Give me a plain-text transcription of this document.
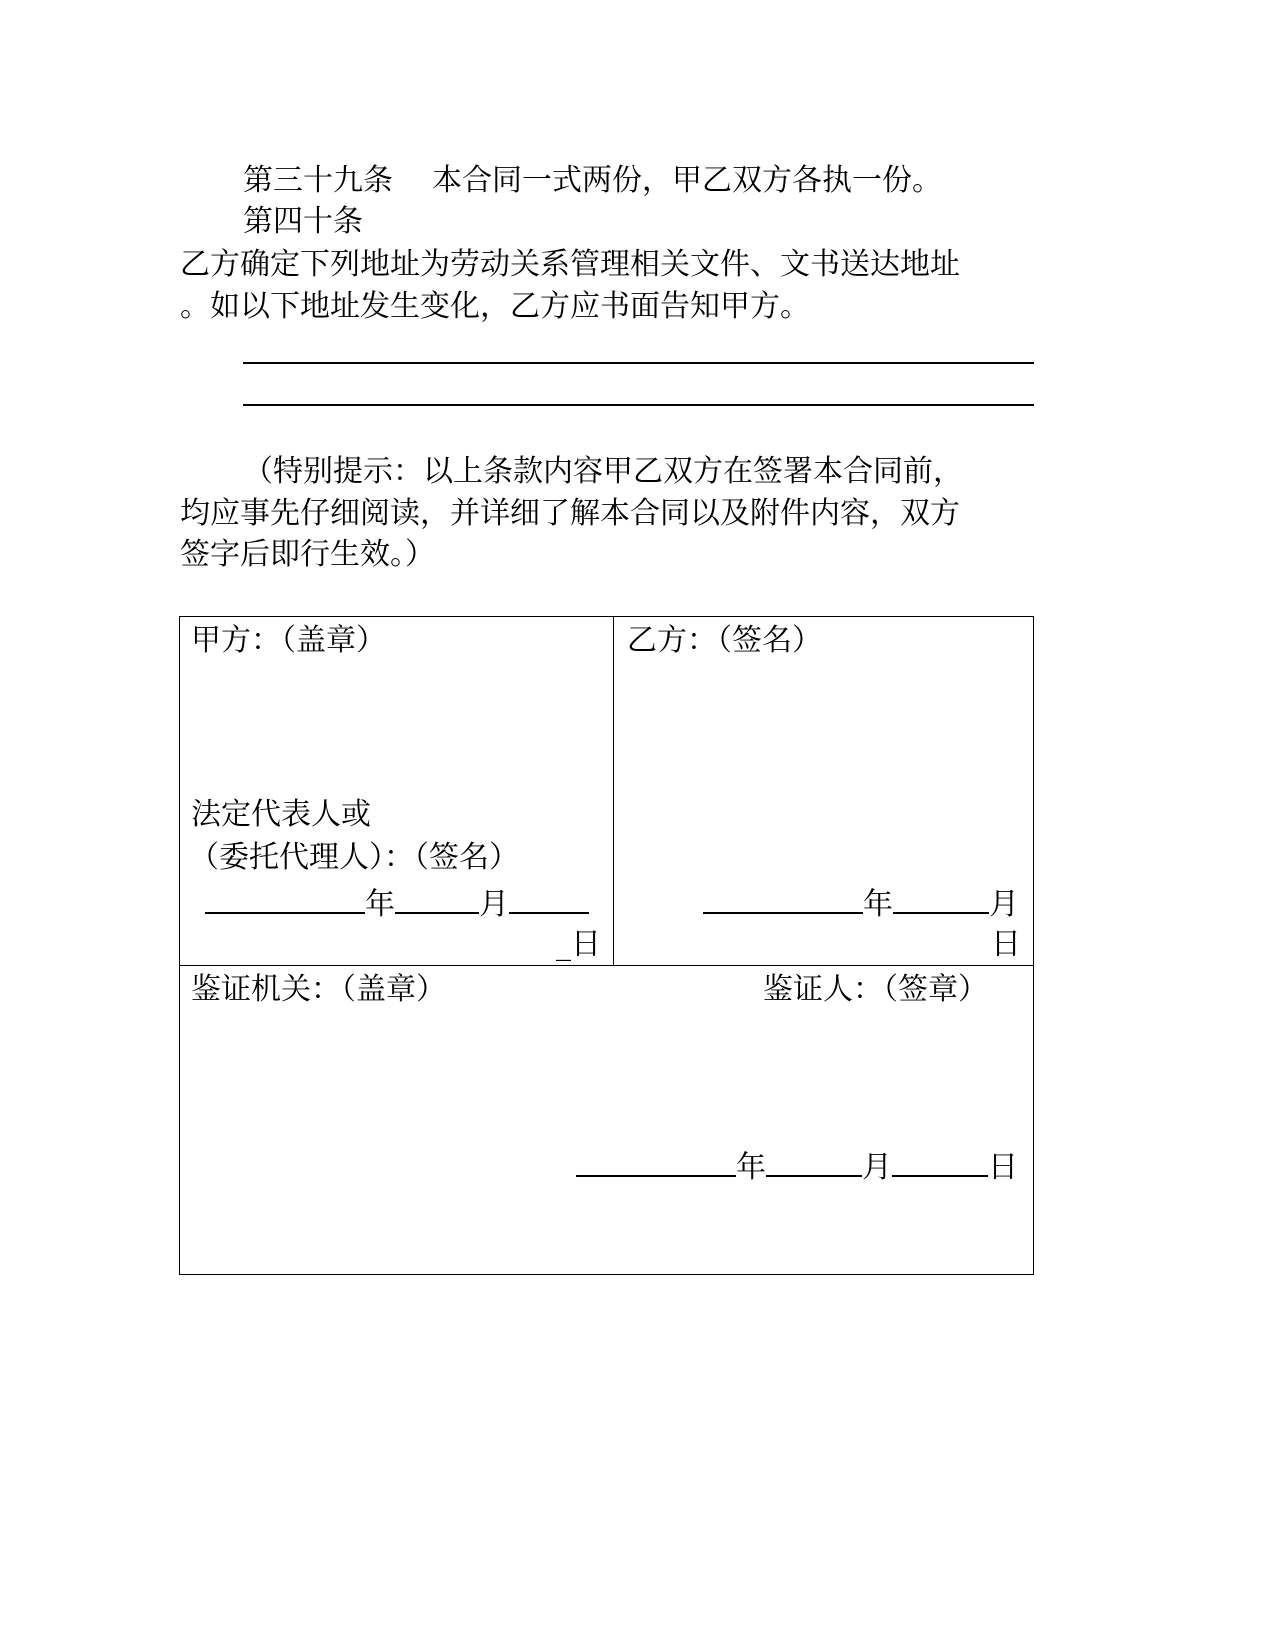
第三十九条 本合同一式两份，甲乙双方各执一份。
第四十条
乙方确定下列地址为劳动关系管理相关文件、文书送达地址
。如以下地址发生变化，乙方应书面告知甲方。
（特别提示：以上条款内容甲乙双方在签署本合同前，
均应事先仔细阅读，并详细了解本合同以及附件内容，双方
签字后即行生效。）
甲方：（盖章）
法定代表人或
（委托代理人）：（签名）
年	月
_日
乙方：（签名）
年	月
日
鉴证机关：（盖章）	鉴证人：（签章）
年	月	日
